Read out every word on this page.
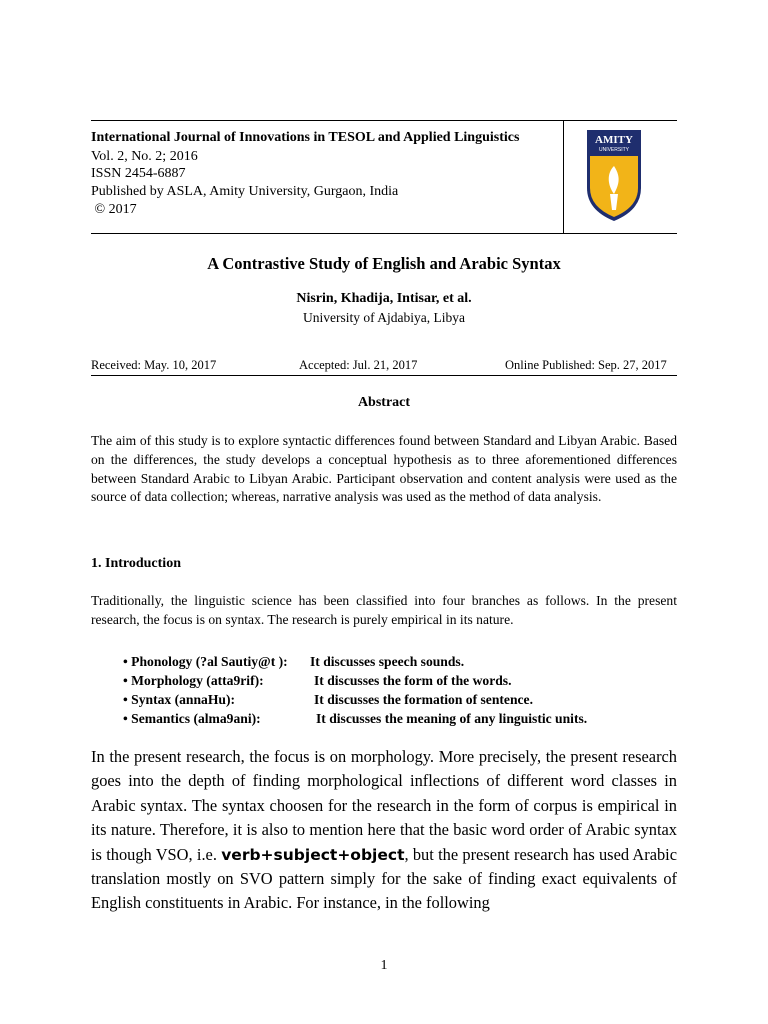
International Journal of Innovations in TESOL and Applied Linguistics
Vol. 2, No. 2; 2016
ISSN 2454-6887
Published by ASLA, Amity University, Gurgaon, India
© 2017
AMITY
UNIVERSITY
A Contrastive Study of English and Arabic Syntax
Nisrin, Khadija, Intisar, et al.
University of Ajdabiya, Libya
Received: May. 10, 2017	Accepted: Jul. 21, 2017	Online Published: Sep. 27, 2017
Abstract
The aim of this study is to explore syntactic differences found between Standard and Libyan Arabic. Based on the differences, the study develops a conceptual hypothesis as to three aforementioned differences between Standard Arabic to Libyan Arabic. Participant observation and content analysis were used as the source of data collection; whereas, narrative analysis was used as the method of data analysis.
1. Introduction
Traditionally, the linguistic science has been classified into four branches as follows. In the present research, the focus is on syntax. The research is purely empirical in its nature.
• Phonology (?al Sautiy@t ): It discusses speech sounds.
• Morphology (atta9rif):	It discusses the form of the words.
• Syntax (annaHu):	It discusses the formation of sentence.
• Semantics (alma9ani):	It discusses the meaning of any linguistic units.
In the present research, the focus is on morphology. More precisely, the present research goes into the depth of finding morphological inflections of different word classes in Arabic syntax. The syntax choosen for the research in the form of corpus is empirical in its nature. Therefore, it is also to mention here that the basic word order of Arabic syntax is though VSO, i.e. verb+subject+object, but the present research has used Arabic translation mostly on SVO pattern simply for the sake of finding exact equivalents of English constituents in Arabic. For instance, in the following
1
